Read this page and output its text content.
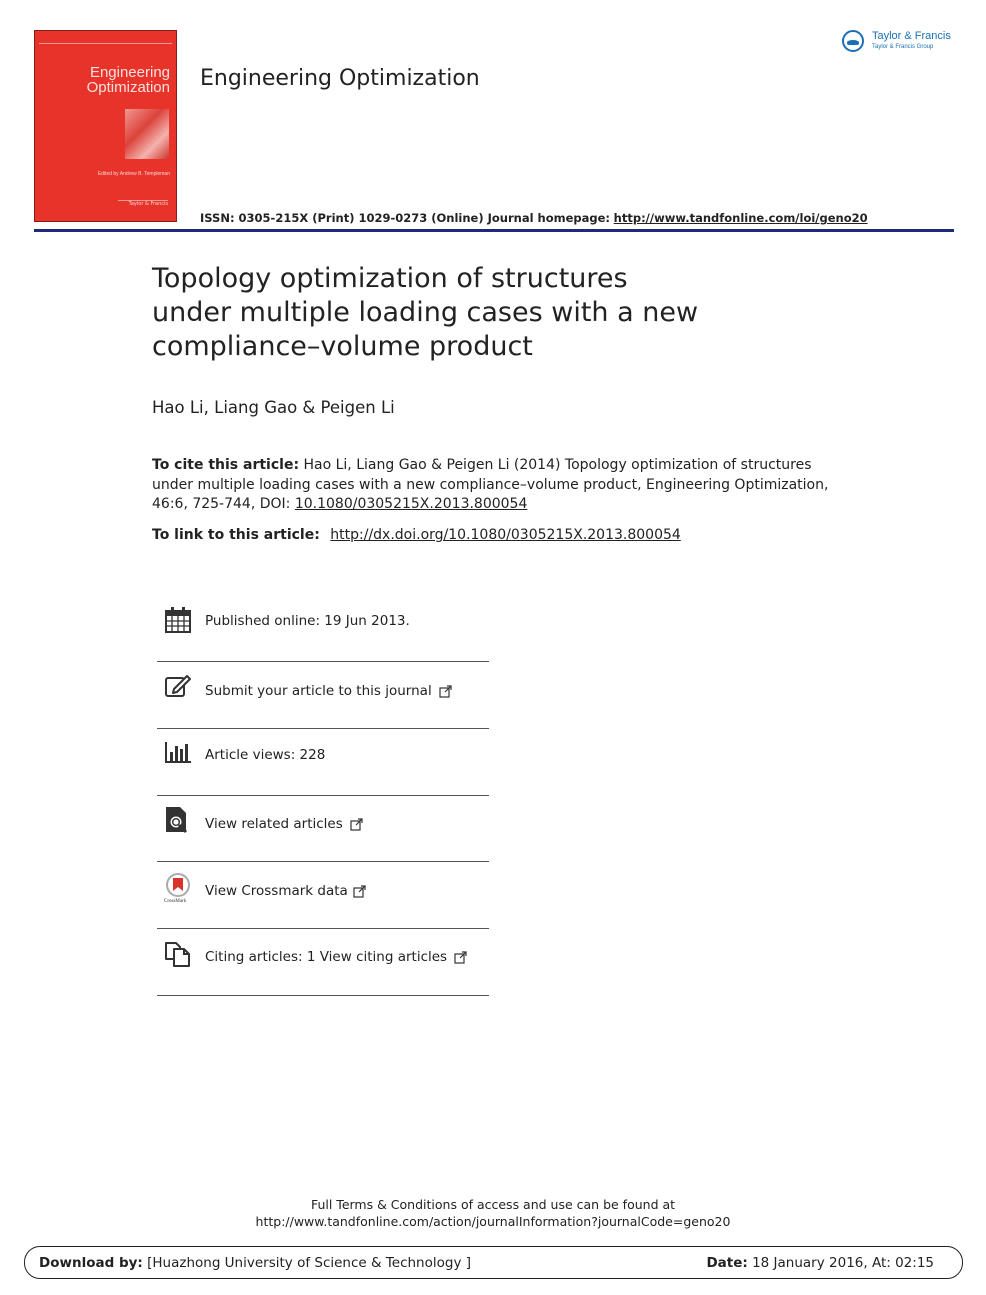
Engineering
Optimization
Edited by Andrew B. Templeman
Taylor & Francis
Engineering Optimization
ISSN: 0305-215X (Print) 1029-0273 (Online) Journal homepage: http://www.tandfonline.com/loi/geno20
Taylor & Francis
Taylor & Francis Group
Topology optimization of structures
under multiple loading cases with a new
compliance–volume product
Hao Li, Liang Gao & Peigen Li
To cite this article: Hao Li, Liang Gao & Peigen Li (2014) Topology optimization of structures under multiple loading cases with a new compliance–volume product, Engineering Optimization, 46:6, 725-744, DOI: 10.1080/0305215X.2013.800054
To link to this article: http://dx.doi.org/10.1080/0305215X.2013.800054
Published online: 19 Jun 2013.
Submit your article to this journal
Article views: 228
View related articles
CrossMark
View Crossmark data
Citing articles: 1 View citing articles
Full Terms & Conditions of access and use can be found at
http://www.tandfonline.com/action/journalInformation?journalCode=geno20
Download by: [Huazhong University of Science & Technology ]	Date: 18 January 2016, At: 02:15
